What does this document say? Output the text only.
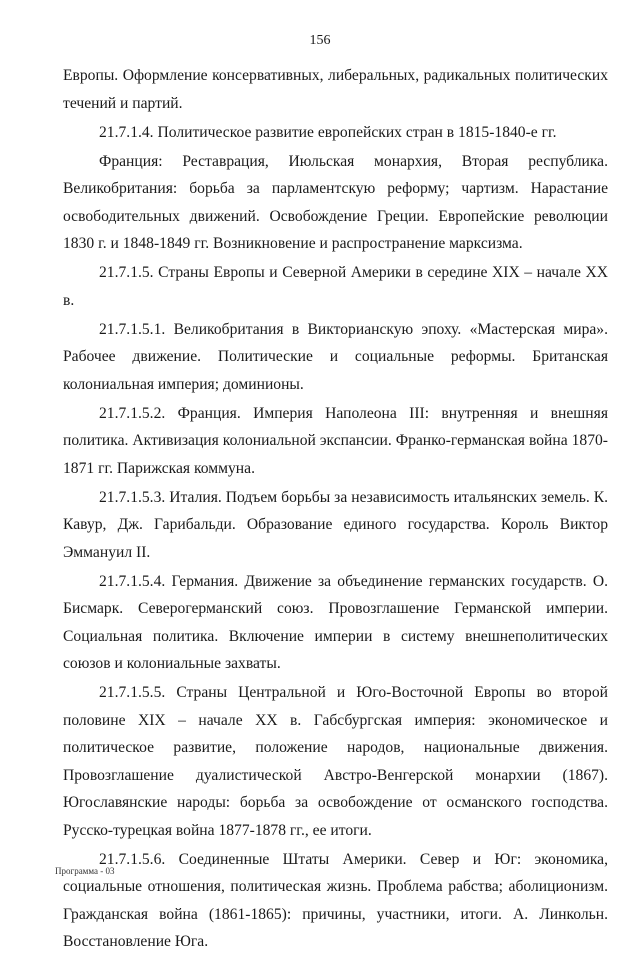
156

Европы. Оформление консервативных, либеральных, радикальных политических течений и партий.

21.7.1.4. Политическое развитие европейских стран в 1815-1840-е гг.

Франция: Реставрация, Июльская монархия, Вторая республика. Великобритания: борьба за парламентскую реформу; чартизм. Нарастание освободительных движений. Освобождение Греции. Европейские революции 1830 г. и 1848-1849 гг. Возникновение и распространение марксизма.

21.7.1.5. Страны Европы и Северной Америки в середине XIX – начале XX в.

21.7.1.5.1. Великобритания в Викторианскую эпоху. «Мастерская мира». Рабочее движение. Политические и социальные реформы. Британская колониальная империя; доминионы.

21.7.1.5.2. Франция. Империя Наполеона III: внутренняя и внешняя политика. Активизация колониальной экспансии. Франко-германская война 1870-1871 гг. Парижская коммуна.

21.7.1.5.3. Италия. Подъем борьбы за независимость итальянских земель. К. Кавур, Дж. Гарибальди. Образование единого государства. Король Виктор Эммануил II.

21.7.1.5.4. Германия. Движение за объединение германских государств. О. Бисмарк. Северогерманский союз. Провозглашение Германской империи. Социальная политика. Включение империи в систему внешнеполитических союзов и колониальные захваты.

21.7.1.5.5. Страны Центральной и Юго-Восточной Европы во второй половине XIX – начале XX в. Габсбургская империя: экономическое и политическое развитие, положение народов, национальные движения. Провозглашение дуалистической Австро-Венгерской монархии (1867). Югославянские народы: борьба за освобождение от османского господства. Русско-турецкая война 1877-1878 гг., ее итоги.

21.7.1.5.6. Соединенные Штаты Америки. Север и Юг: экономика, социальные отношения, политическая жизнь. Проблема рабства; аболиционизм. Гражданская война (1861-1865): причины, участники, итоги. А. Линкольн. Восстановление Юга.

Программа - 03
